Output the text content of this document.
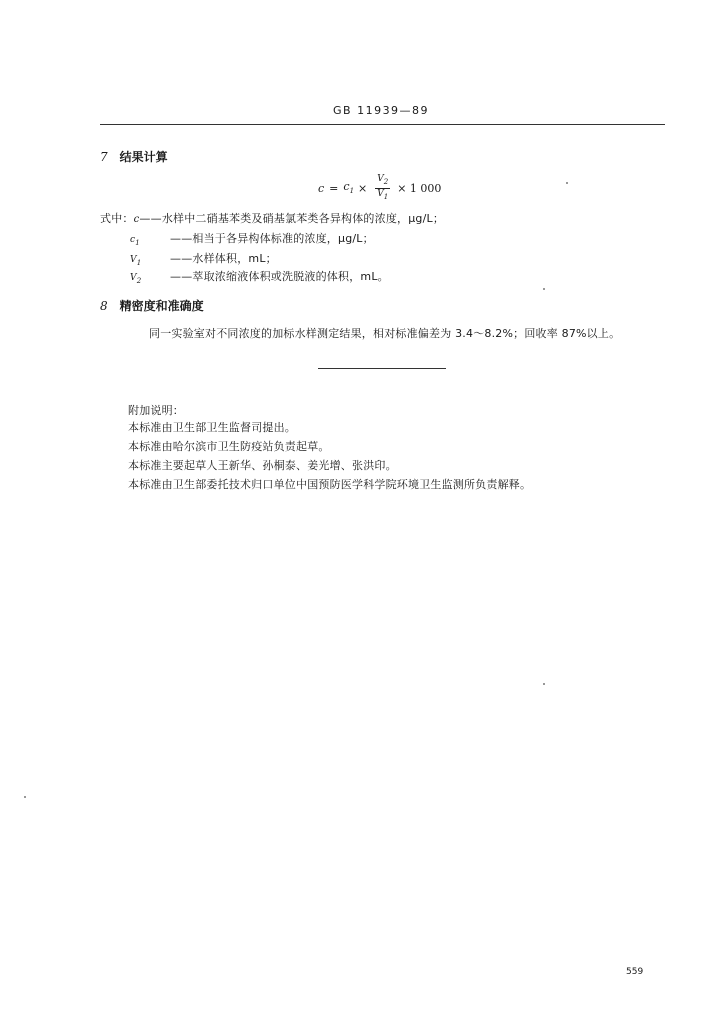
GB 11939—89
7 结果计算
$c = c_1 \times \frac{V_2}{V_1} \times 1$ 000
式中：c——水样中二硝基苯类及硝基氯苯类各异构体的浓度，μg/L；
$c_1$	——相当于各异构体标准的浓度，μg/L；
$V_1$	——水样体积，mL；
$V_2$	——萃取浓缩液体积或洗脱液的体积，mL。
8 精密度和准确度
同一实验室对不同浓度的加标水样测定结果，相对标准偏差为 3.4～8.2%；回收率 87%以上。
附加说明：
本标准由卫生部卫生监督司提出。
本标准由哈尔滨市卫生防疫站负责起草。
本标准主要起草人王新华、孙桐泰、姜光增、张洪印。
本标准由卫生部委托技术归口单位中国预防医学科学院环境卫生监测所负责解释。
559
